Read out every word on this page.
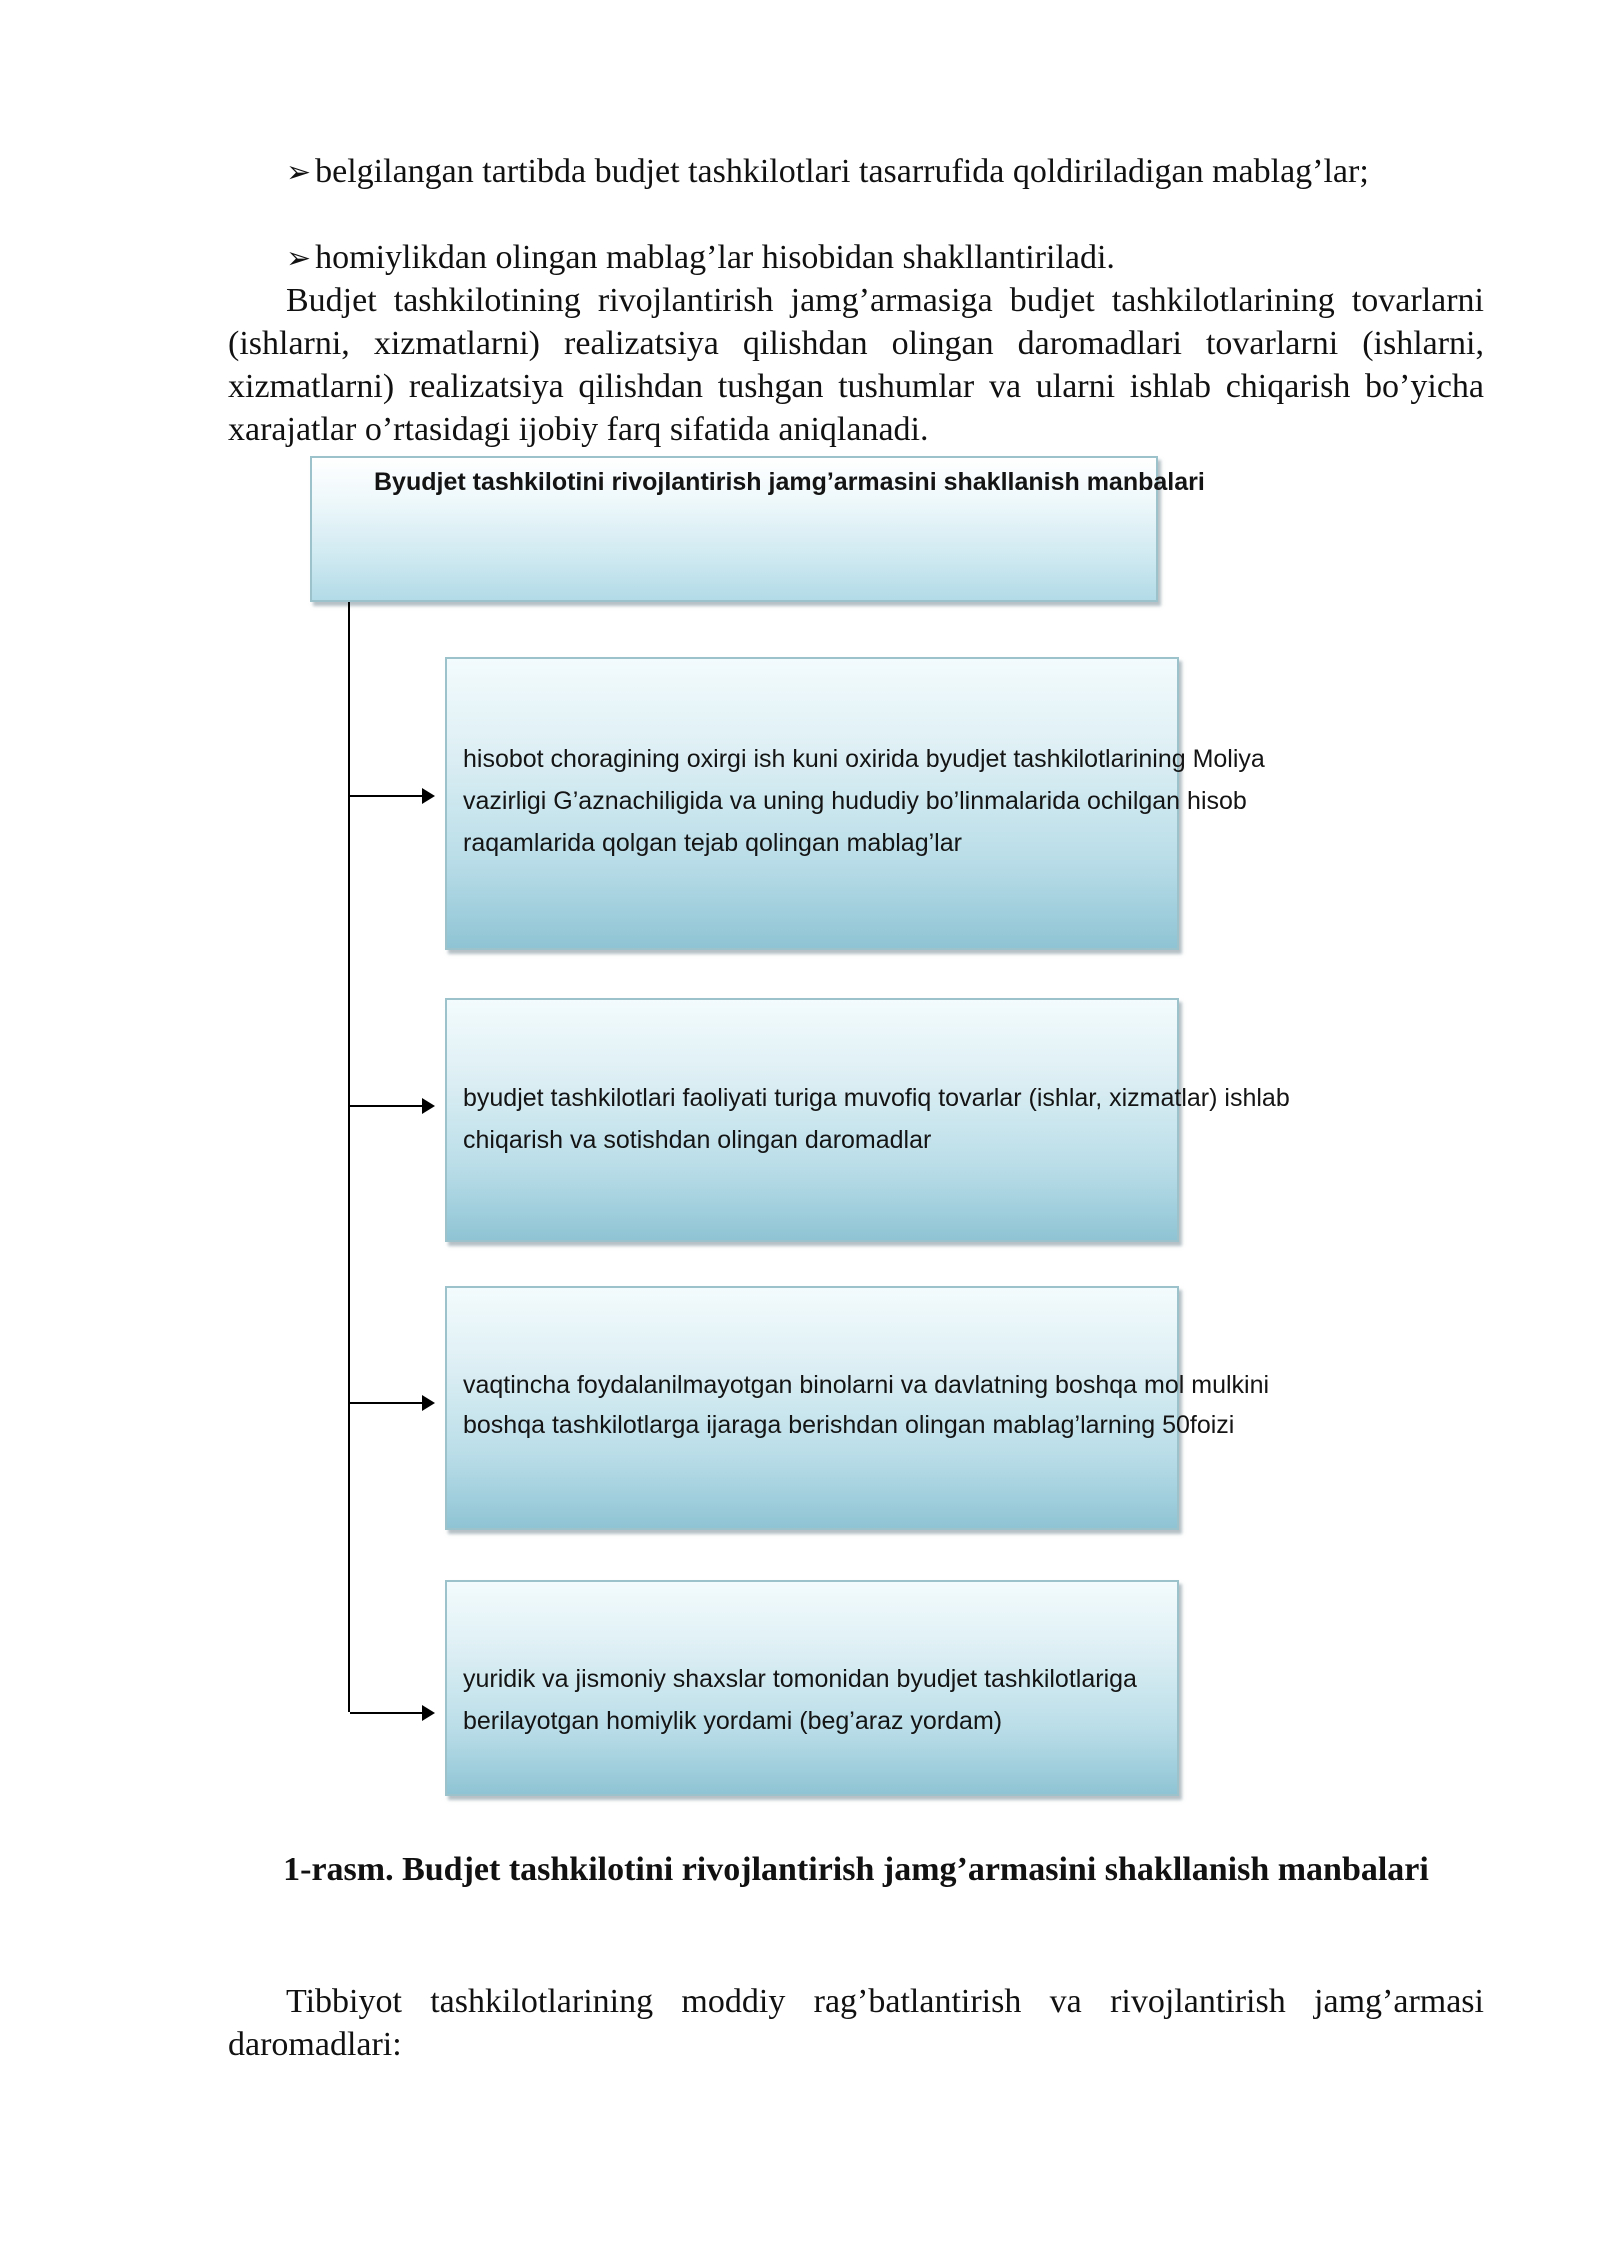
➢ belgilangan tartibda budjet tashkilotlari tasarrufida qoldiriladigan mablag’lar;

➢ homiylikdan olingan mablag’lar hisobidan shakllantiriladi.

Budjet tashkilotining rivojlantirish jamg’armasiga budjet tashkilotlarining tovarlarni (ishlarni, xizmatlarni) realizatsiya qilishdan olingan daromadlari tovarlarni (ishlarni, xizmatlarni) realizatsiya qilishdan tushgan tushumlar va ularni ishlab chiqarish bo’yicha xarajatlar o’rtasidagi ijobiy farq sifatida aniqlanadi.

Byudjet tashkilotini rivojlantirish jamg’armasini shakllanish manbalari
hisobot choragining oxirgi ish kuni oxirida byudjet tashkilotlarining Moliya vazirligi G’aznachiligida va uning hududiy bo’linmalarida ochilgan hisob raqamlarida qolgan tejab qolingan mablag’lar
byudjet tashkilotlari faoliyati turiga muvofiq tovarlar (ishlar, xizmatlar) ishlab chiqarish va sotishdan olingan daromadlar
vaqtincha foydalanilmayotgan binolarni va davlatning boshqa mol mulkini boshqa tashkilotlarga ijaraga berishdan olingan mablag’larning 50foizi
yuridik va jismoniy shaxslar tomonidan byudjet tashkilotlariga berilayotgan homiylik yordami (beg’araz yordam)

1-rasm. Budjet tashkilotini rivojlantirish jamg’armasini shakllanish manbalari

Tibbiyot tashkilotlarining moddiy rag’batlantirish va rivojlantirish jamg’armasi daromadlari:
